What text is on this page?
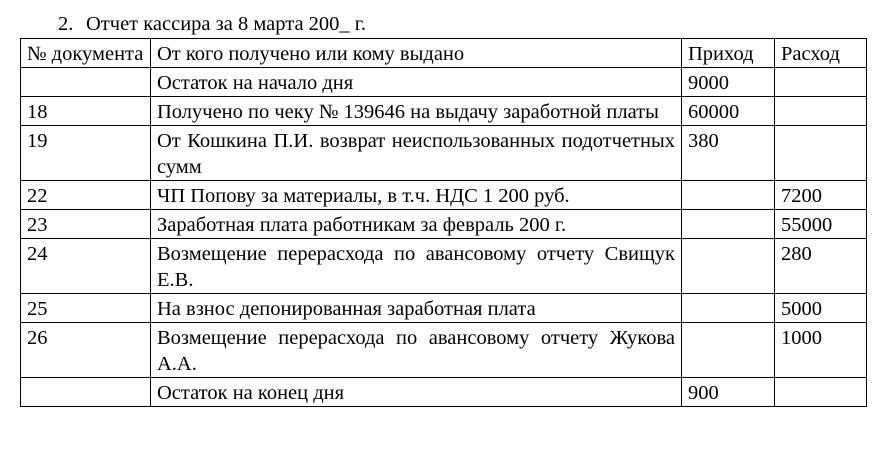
2. Отчет кассира за 8 марта 200_ г.
№ документа	От кого получено или кому выдано	Приход	Расход
	Остаток на начало дня	9000	
18	Получено по чеку № 139646 на выдачу заработной платы	60000	
19	От Кошкина П.И. возврат неиспользованных подотчетных сумм	380	
22	ЧП Попову за материалы, в т.ч. НДС 1 200 руб.		7200
23	Заработная плата работникам за февраль 200 г.		55000
24	Возмещение перерасхода по авансовому отчету Свищук Е.В.		280
25	На взнос депонированная заработная плата		5000
26	Возмещение перерасхода по авансовому отчету Жукова А.А.		1000
	Остаток на конец дня	900	
